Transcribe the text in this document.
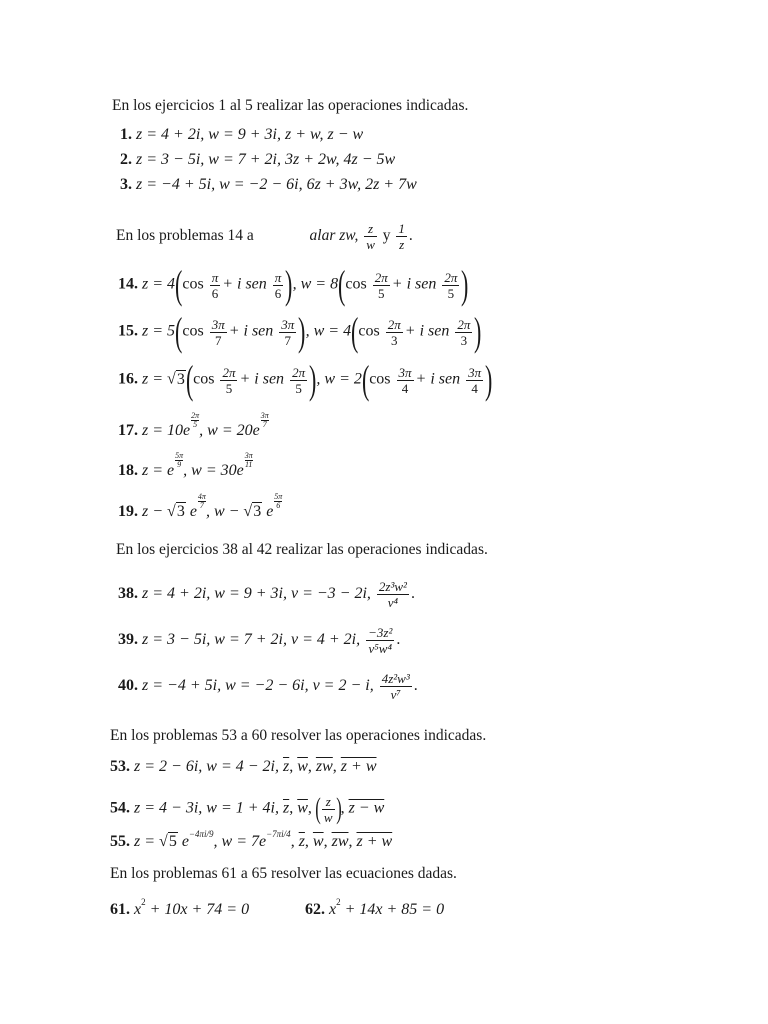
En los ejercicios 1 al 5 realizar las operaciones indicadas.
1. z = 4 + 2i, w = 9 + 3i, z + w, z − w
2. z = 3 − 5i, w = 7 + 2i, 3z + 2w, 4z − 5w
3. z = −4 + 5i, w = −2 − 6i, 6z + 3w, 2z + 7w
En los problemas 14 a	alar zw, $\frac{z}{w}$ y $\frac{1}{z}$ .
14. $z = 4(\cos \frac{\pi}{6} + i$ sen $\frac{\pi}{6}$ ), $w = 8(\cos \frac{2\pi}{5} + i$ sen $\frac{2\pi}{5}$ )
15. $z = 5(\cos \frac{3\pi}{7} + i$ sen $\frac{3\pi}{7}$ ), $w = 4(\cos \frac{2\pi}{3} + i$ sen $\frac{2\pi}{3}$ )
16. $z = √3(\cos \frac{2\pi}{5} + i$ sen $\frac{2\pi}{5}$ ), $w = 2(\cos \frac{3\pi}{4} + i$ sen $\frac{3\pi}{4}$ )
17. z = 10e
$\frac{2\pi}{5}$
, w = 20e
$\frac{3\pi}{7}$
18. z = e
$\frac{5\pi}{9}$
, w = 30e
$\frac{3\pi}{11}$
19. z − √3 e
$\frac{4\pi}{7}$
, w − √3 e
$\frac{5\pi}{6}$
En los ejercicios 38 al 42 realizar las operaciones indicadas.
38. z = 4 + 2i, w = 9 + 3i, v = −3 − 2i, $\frac{\text{2z³w²}}{\text{v⁴}}$ .
39. z = 3 − 5i, w = 7 + 2i, v = 4 + 2i, $\frac{\text{−3z²}}{\text{v⁵w⁴}}$ .
40. z = −4 + 5i, w = −2 − 6i, v = 2 − i, $\frac{\text{4z²w³}}{\text{v⁷}}$ .
En los problemas 53 a 60 resolver las operaciones indicadas.
53. z = 2 − 6i, w = 4 − 2i, $\overline{z}$, $\overline{w}$, $\overline{zw}$, z + w
54. z = 4 − 3i, w = 1 + 4i, $\overline{z}$, $\overline{w}$, ( $\frac{z}{w}$ ), z − w
55. z = √5 $e^{-4\pi i/9}$, $w = 7e^{-7\pi i/4}$, $\overline{z}$, $\overline{w}$, $\overline{zw}$, z + w
En los problemas 61 a 65 resolver las ecuaciones dadas.
61. $x^2 + 10x + 74 = 0$	62. $x^2 + 14x + 85 = 0$
